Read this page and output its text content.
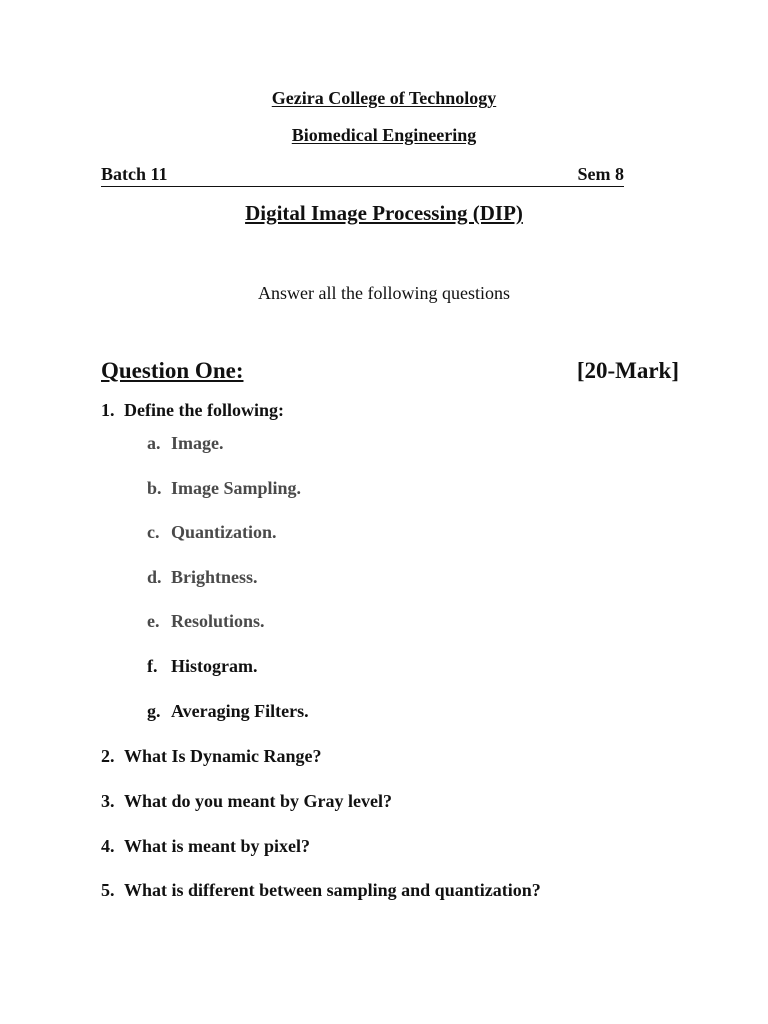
Gezira College of Technology
Biomedical Engineering
Batch 11	Sem 8
Digital Image Processing (DIP)
Answer all the following questions
Question One:	[20-Mark]
1. Define the following:
a. Image.
b. Image Sampling.
c. Quantization.
d. Brightness.
e. Resolutions.
f. Histogram.
g. Averaging Filters.
2. What Is Dynamic Range?
3. What do you meant by Gray level?
4. What is meant by pixel?
5. What is different between sampling and quantization?
